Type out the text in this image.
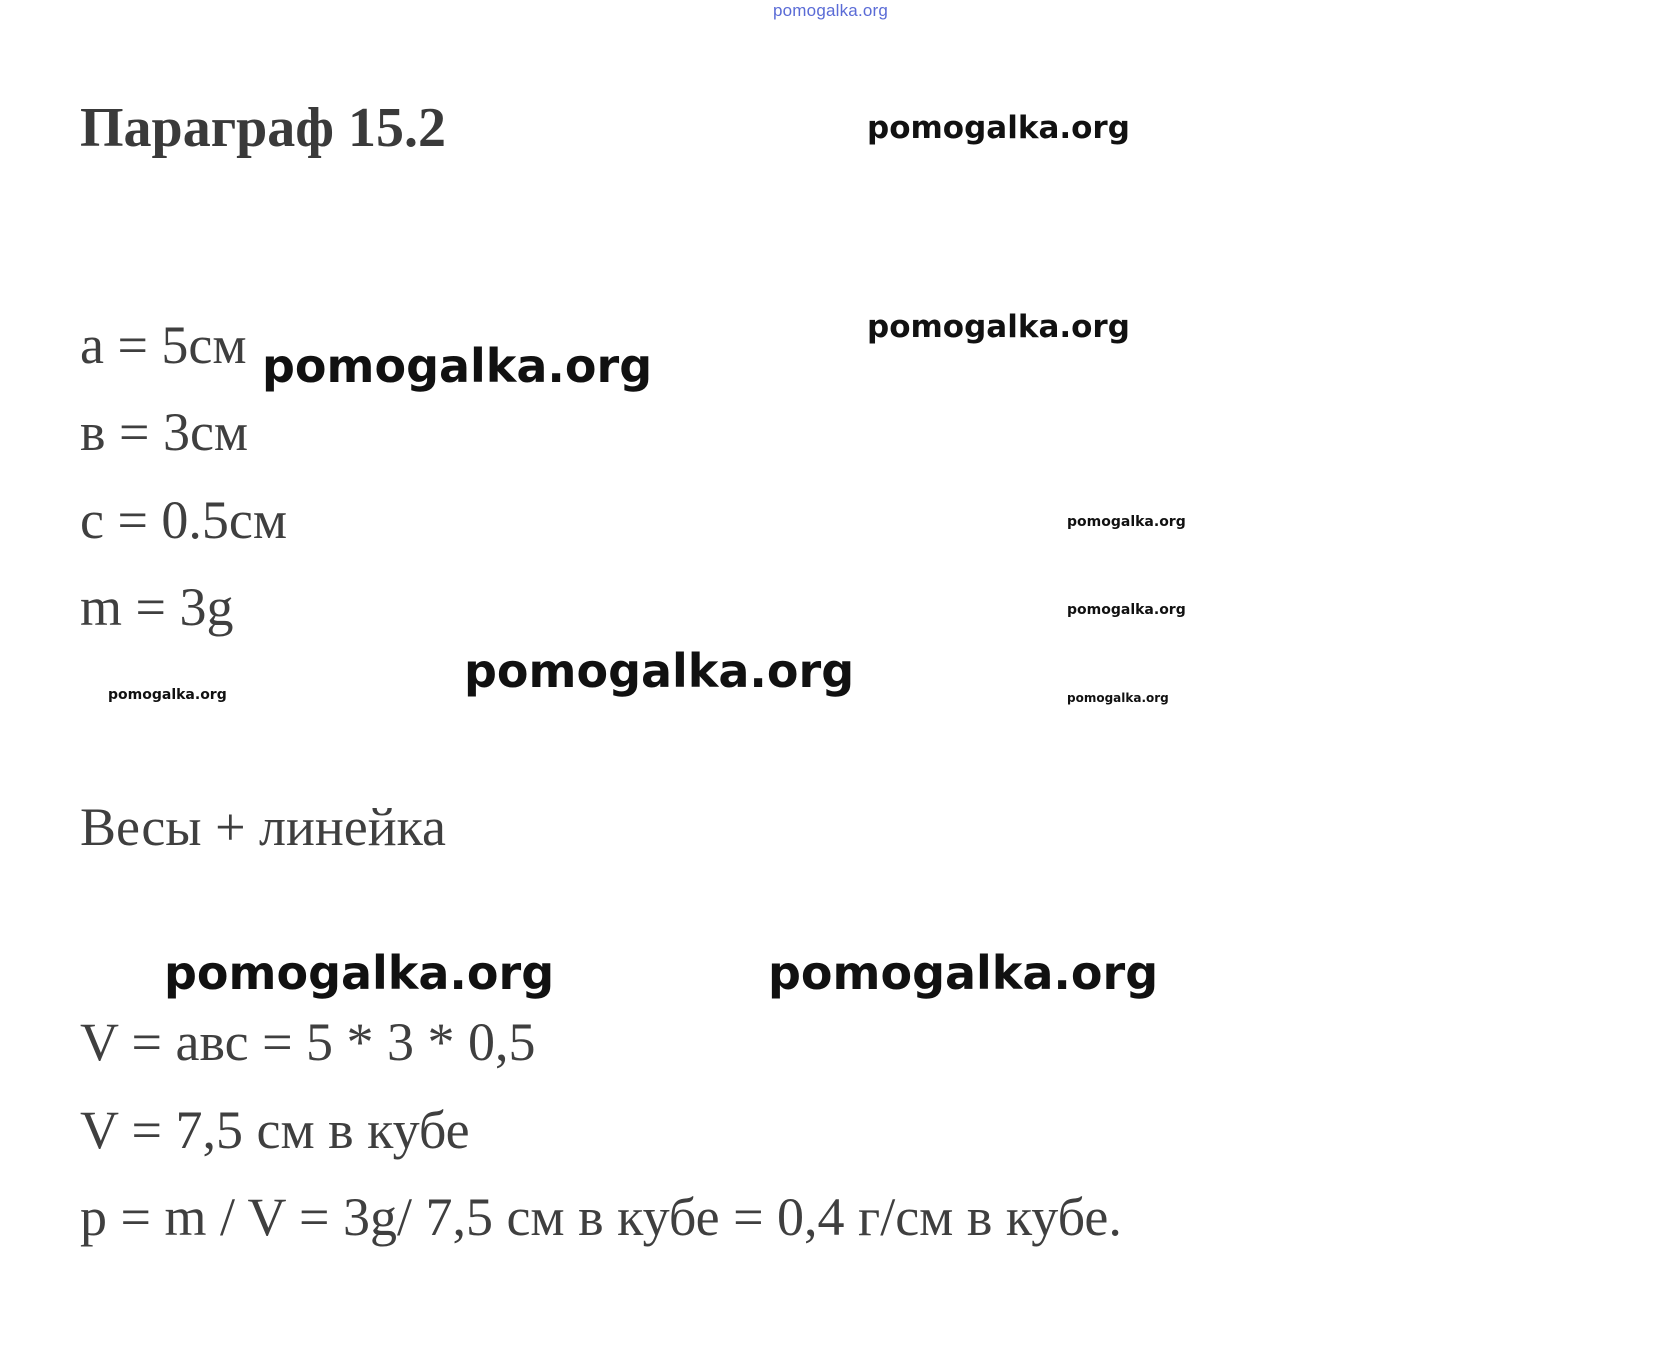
pomogalka.org
Параграф 15.2	pomogalka.org
a = 5см pomogalka.org
pomogalka.org
в = 3см
c = 0.5см	pomogalka.org
m = 3g	pomogalka.org
pomogalka.org	pomogalka.org	pomogalka.org
Весы + линейка
pomogalka.org	pomogalka.org
V = авс = 5 * 3 * 0,5
V = 7,5 см в кубе
p = m / V = 3g/ 7,5 см в кубе = 0,4 г/см в кубе.
